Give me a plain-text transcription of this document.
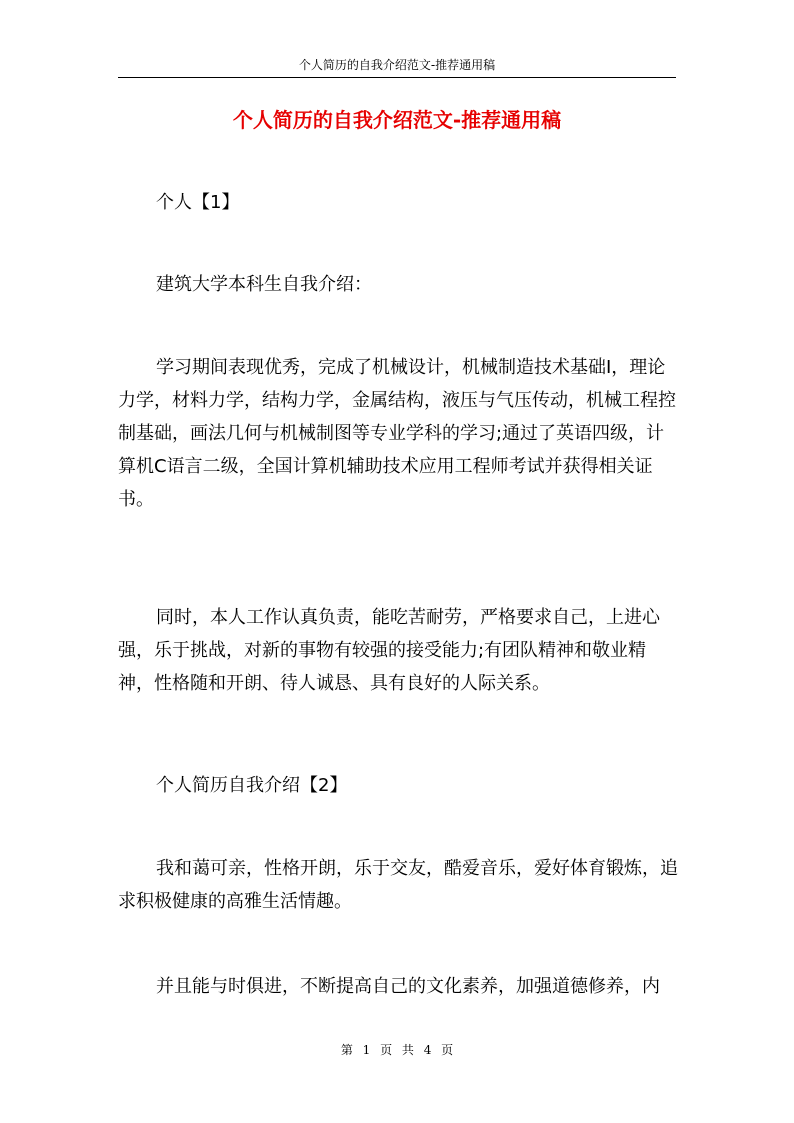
个人简历的自我介绍范文-推荐通用稿
个人简历的自我介绍范文-推荐通用稿

个人【1】

建筑大学本科生自我介绍：

学习期间表现优秀，完成了机械设计，机械制造技术基础Ⅰ，理论力学，材料力学，结构力学，金属结构，液压与气压传动，机械工程控制基础，画法几何与机械制图等专业学科的学习;通过了英语四级，计算机C语言二级，全国计算机辅助技术应用工程师考试并获得相关证书。

同时，本人工作认真负责，能吃苦耐劳，严格要求自己，上进心强，乐于挑战，对新的事物有较强的接受能力;有团队精神和敬业精神，性格随和开朗、待人诚恳、具有良好的人际关系。

个人简历自我介绍【2】

我和蔼可亲，性格开朗，乐于交友，酷爱音乐，爱好体育锻炼，追求积极健康的高雅生活情趣。

并且能与时俱进，不断提高自己的文化素养，加强道德修养，内

第 1 页 共 4 页
